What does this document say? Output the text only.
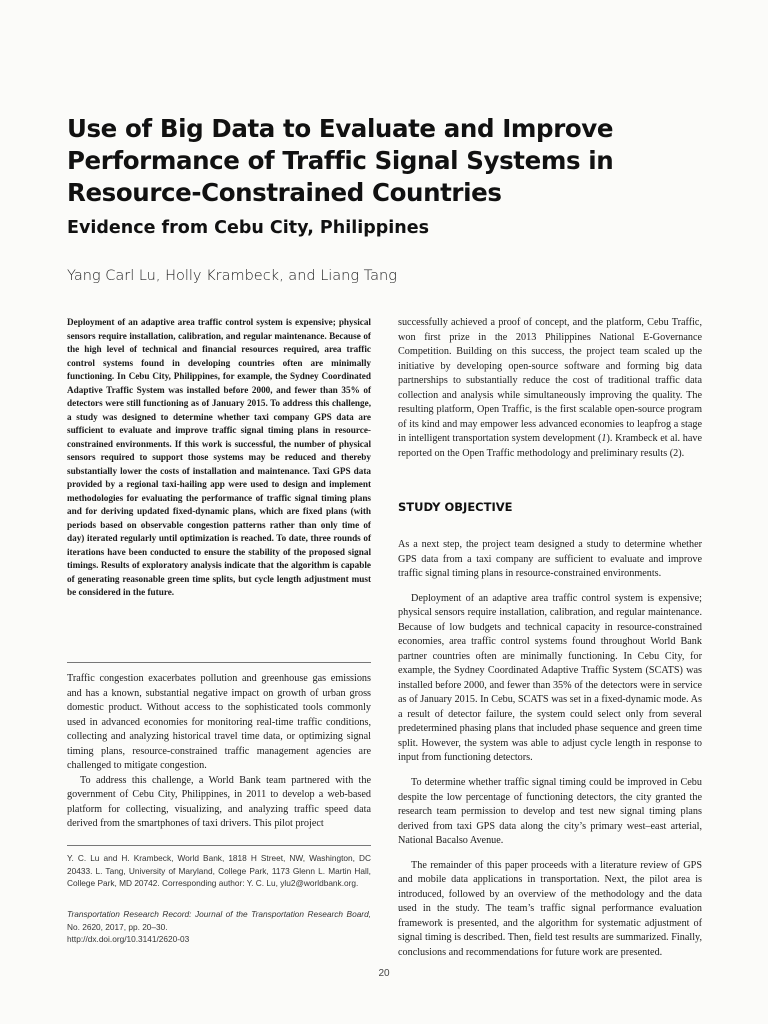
Use of Big Data to Evaluate and Improve Performance of Traffic Signal Systems in Resource-Constrained Countries
Evidence from Cebu City, Philippines

Yang Carl Lu, Holly Krambeck, and Liang Tang

Deployment of an adaptive area traffic control system is expensive; physical sensors require installation, calibration, and regular maintenance. Because of the high level of technical and financial resources required, area traffic control systems found in developing countries often are minimally functioning. In Cebu City, Philippines, for example, the Sydney Coordinated Adaptive Traffic System was installed before 2000, and fewer than 35% of detectors were still functioning as of January 2015. To address this challenge, a study was designed to determine whether taxi company GPS data are sufficient to evaluate and improve traffic signal timing plans in resource-constrained environments. If this work is successful, the number of physical sensors required to support those systems may be reduced and thereby substantially lower the costs of installation and maintenance. Taxi GPS data provided by a regional taxi-hailing app were used to design and implement methodologies for evaluating the performance of traffic signal timing plans and for deriving updated fixed-dynamic plans, which are fixed plans (with periods based on observable congestion patterns rather than only time of day) iterated regularly until optimization is reached. To date, three rounds of iterations have been conducted to ensure the stability of the proposed signal timings. Results of exploratory analysis indicate that the algorithm is capable of generating reasonable green time splits, but cycle length adjustment must be considered in the future.

Traffic congestion exacerbates pollution and greenhouse gas emissions and has a known, substantial negative impact on growth of urban gross domestic product. Without access to the sophisticated tools commonly used in advanced economies for monitoring real-time traffic conditions, collecting and analyzing historical travel time data, or optimizing signal timing plans, resource-constrained traffic management agencies are challenged to mitigate congestion.

To address this challenge, a World Bank team partnered with the government of Cebu City, Philippines, in 2011 to develop a web-based platform for collecting, visualizing, and analyzing traffic speed data derived from the smartphones of taxi drivers. This pilot project

Y. C. Lu and H. Krambeck, World Bank, 1818 H Street, NW, Washington, DC 20433. L. Tang, University of Maryland, College Park, 1173 Glenn L. Martin Hall, College Park, MD 20742. Corresponding author: Y. C. Lu, ylu2@worldbank.org.

Transportation Research Record: Journal of the Transportation Research Board, No. 2620, 2017, pp. 20–30.
http://dx.doi.org/10.3141/2620-03

successfully achieved a proof of concept, and the platform, Cebu Traffic, won first prize in the 2013 Philippines National E-Governance Competition. Building on this success, the project team scaled up the initiative by developing open-source software and forming big data partnerships to substantially reduce the cost of traditional traffic data collection and analysis while simultaneously improving the quality. The resulting platform, Open Traffic, is the first scalable open-source program of its kind and may empower less advanced economies to leapfrog a stage in intelligent transportation system development (1). Krambeck et al. have reported on the Open Traffic methodology and preliminary results (2).

STUDY OBJECTIVE

As a next step, the project team designed a study to determine whether GPS data from a taxi company are sufficient to evaluate and improve traffic signal timing plans in resource-constrained environments.

Deployment of an adaptive area traffic control system is expensive; physical sensors require installation, calibration, and regular maintenance. Because of low budgets and technical capacity in resource-constrained economies, area traffic control systems found throughout World Bank partner countries often are minimally functioning. In Cebu City, for example, the Sydney Coordinated Adaptive Traffic System (SCATS) was installed before 2000, and fewer than 35% of the detectors were in service as of January 2015. In Cebu, SCATS was set in a fixed-dynamic mode. As a result of detector failure, the system could select only from several predetermined phasing plans that included phase sequence and green time split. However, the system was able to adjust cycle length in response to input from functioning detectors.

To determine whether traffic signal timing could be improved in Cebu despite the low percentage of functioning detectors, the city granted the research team permission to develop and test new signal timing plans derived from taxi GPS data along the city’s primary west–east arterial, National Bacalso Avenue.

The remainder of this paper proceeds with a literature review of GPS and mobile data applications in transportation. Next, the pilot area is introduced, followed by an overview of the methodology and the data used in the study. The team’s traffic signal performance evaluation framework is presented, and the algorithm for systematic adjustment of signal timing is described. Then, field test results are summarized. Finally, conclusions and recommendations for future work are presented.

20
